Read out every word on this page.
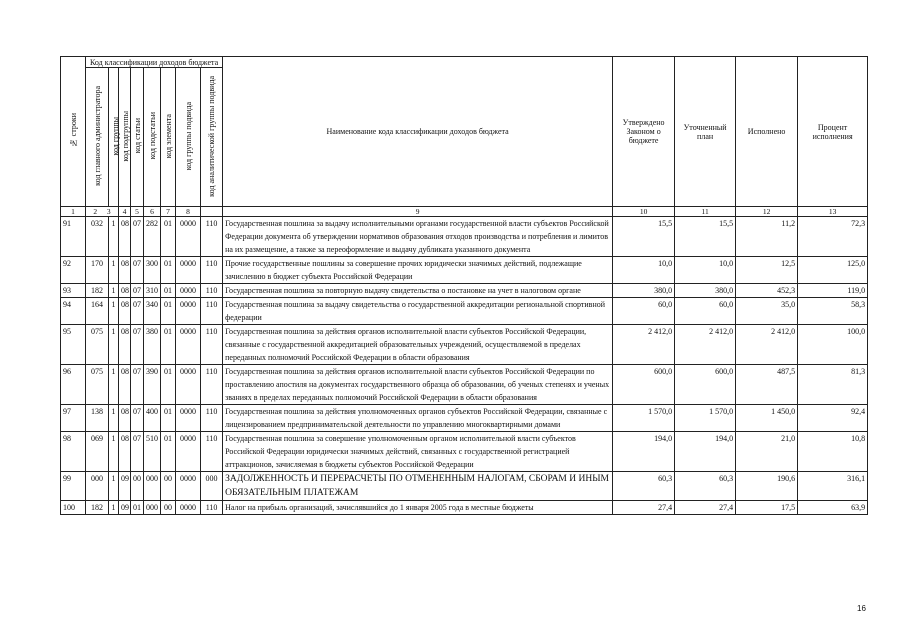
№ строки	Код классификации доходов бюджета								Наименование кода классификации доходов бюджета	Утверждено Законом о бюджете	Уточненный план	Исполнено	Процент исполнения
	код главного администратора	код группы	код подгруппы	код статьи	код подстатьи	код элемента	код группы подвида	код аналитической группы подвида					
1	2 3		4	5	6	7	8		9	10	11	12	13
91	032	1	08	07	282	01	0000	110	Государственная пошлина за выдачу исполнительными органами государственной власти субъектов Российской Федерации документа об утверждении нормативов образования отходов производства и потребления и лимитов на их размещение, а также за переоформление и выдачу дубликата указанного документа	15,5	15,5	11,2	72,3
92	170	1	08	07	300	01	0000	110	Прочие государственные пошлины за совершение прочих юридически значимых действий, подлежащие зачислению в бюджет субъекта Российской Федерации	10,0	10,0	12,5	125,0
93	182	1	08	07	310	01	0000	110	Государственная пошлина за повторную выдачу свидетельства о постановке на учет в налоговом органе	380,0	380,0	452,3	119,0
94	164	1	08	07	340	01	0000	110	Государственная пошлина за выдачу свидетельства о государственной аккредитации региональной спортивной федерации	60,0	60,0	35,0	58,3
95	075	1	08	07	380	01	0000	110	Государственная пошлина за действия органов исполнительной власти субъектов Российской Федерации, связанные с государственной аккредитацией образовательных учреждений, осуществляемой в пределах переданных полномочий Российской Федерации в области образования	2 412,0	2 412,0	2 412,0	100,0
96	075	1	08	07	390	01	0000	110	Государственная пошлина за действия органов исполнительной власти субъектов Российской Федерации по проставлению апостиля на документах государственного образца об образовании, об ученых степенях и ученых званиях в пределах переданных полномочий Российской Федерации в области образования	600,0	600,0	487,5	81,3
97	138	1	08	07	400	01	0000	110	Государственная пошлина за действия уполномоченных органов субъектов Российской Федерации, связанные с лицензированием предпринимательской деятельности по управлению многоквартирными домами	1 570,0	1 570,0	1 450,0	92,4
98	069	1	08	07	510	01	0000	110	Государственная пошлина за совершение уполномоченным органом исполнительной власти субъектов Российской Федерации юридически значимых действий, связанных с государственной регистрацией аттракционов, зачисляемая в бюджеты субъектов Российской Федерации	194,0	194,0	21,0	10,8
99	000	1	09	00	000	00	0000	000	ЗАДОЛЖЕННОСТЬ И ПЕРЕРАСЧЕТЫ ПО ОТМЕНЕННЫМ НАЛОГАМ, СБОРАМ И ИНЫМ ОБЯЗАТЕЛЬНЫМ ПЛАТЕЖАМ	60,3	60,3	190,6	316,1
100	182	1	09	01	000	00	0000	110	Налог на прибыль организаций, зачислявшийся до 1 января 2005 года в местные бюджеты	27,4	27,4	17,5	63,9
16
